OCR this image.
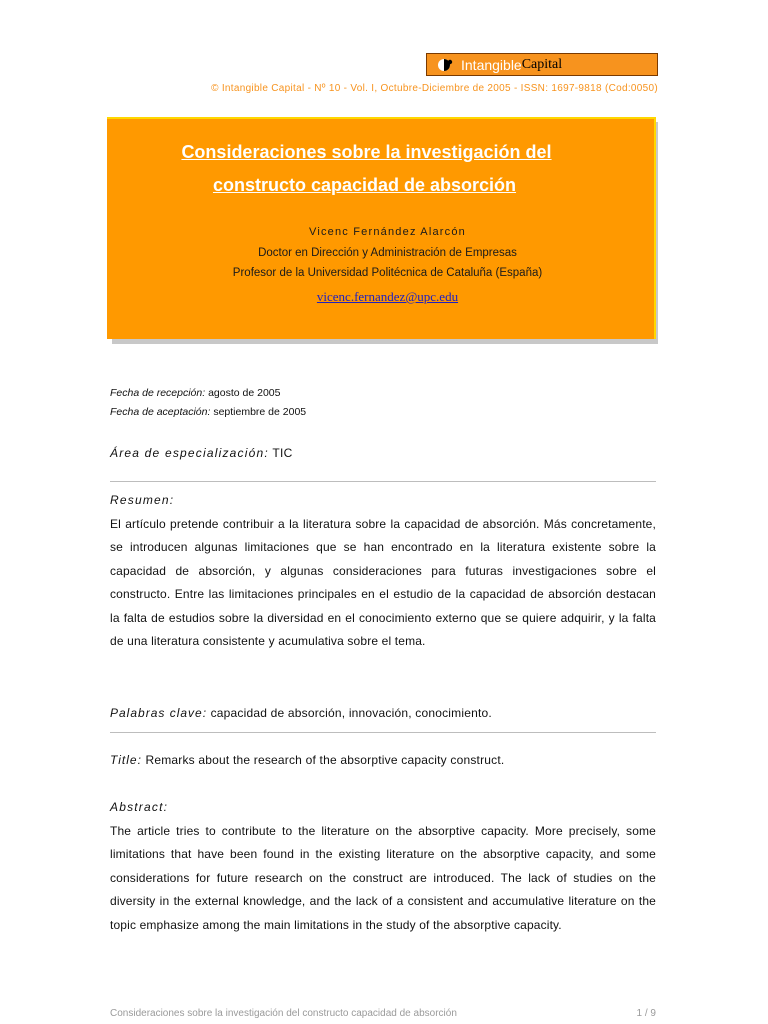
Intangible Capital
© Intangible Capital - Nº 10 - Vol. I, Octubre-Diciembre de 2005 - ISSN: 1697-9818 (Cod:0050)
Consideraciones sobre la investigación del
constructo capacidad de absorción
Vicenc Fernández Alarcón
Doctor en Dirección y Administración de Empresas
Profesor de la Universidad Politécnica de Cataluña (España)
vicenc.fernandez@upc.edu
Fecha de recepción: agosto de 2005
Fecha de aceptación: septiembre de 2005
Área de especialización: TIC
Resumen:
El artículo pretende contribuir a la literatura sobre la capacidad de absorción. Más concretamente, se introducen algunas limitaciones que se han encontrado en la literatura existente sobre la capacidad de absorción, y algunas consideraciones para futuras investigaciones sobre el constructo. Entre las limitaciones principales en el estudio de la capacidad de absorción destacan la falta de estudios sobre la diversidad en el conocimiento externo que se quiere adquirir, y la falta de una literatura consistente y acumulativa sobre el tema.
Palabras clave: capacidad de absorción, innovación, conocimiento.
Title: Remarks about the research of the absorptive capacity construct.
Abstract:
The article tries to contribute to the literature on the absorptive capacity. More precisely, some limitations that have been found in the existing literature on the absorptive capacity, and some considerations for future research on the construct are introduced. The lack of studies on the diversity in the external knowledge, and the lack of a consistent and accumulative literature on the topic emphasize among the main limitations in the study of the absorptive capacity.
Consideraciones sobre la investigación del constructo capacidad de absorción	1 / 9
